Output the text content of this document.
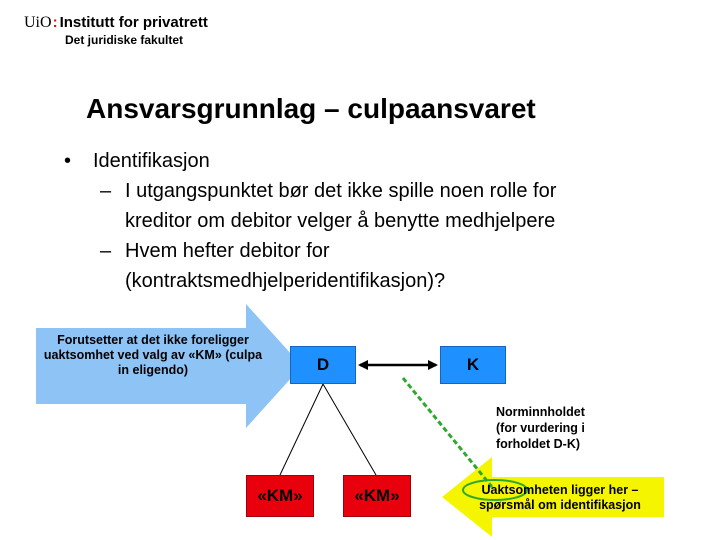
UiO: Institutt for privatrett
Det juridiske fakultet
Ansvarsgrunnlag – culpaansvaret
• Identifikasjon
– I utgangspunktet bør det ikke spille noen rolle for
kreditor om debitor velger å benytte medhjelpere
– Hvem hefter debitor for
(kontraktsmedhjelperidentifikasjon)?
Forutsetter at det ikke foreligger uaktsomhet ved valg av «KM» (culpa in eligendo)	D	K
«KM»	«KM»
Norminnholdet
(for vurdering i
forholdet D-K)
Uaktsomheten ligger her – spørsmål om identifikasjon
